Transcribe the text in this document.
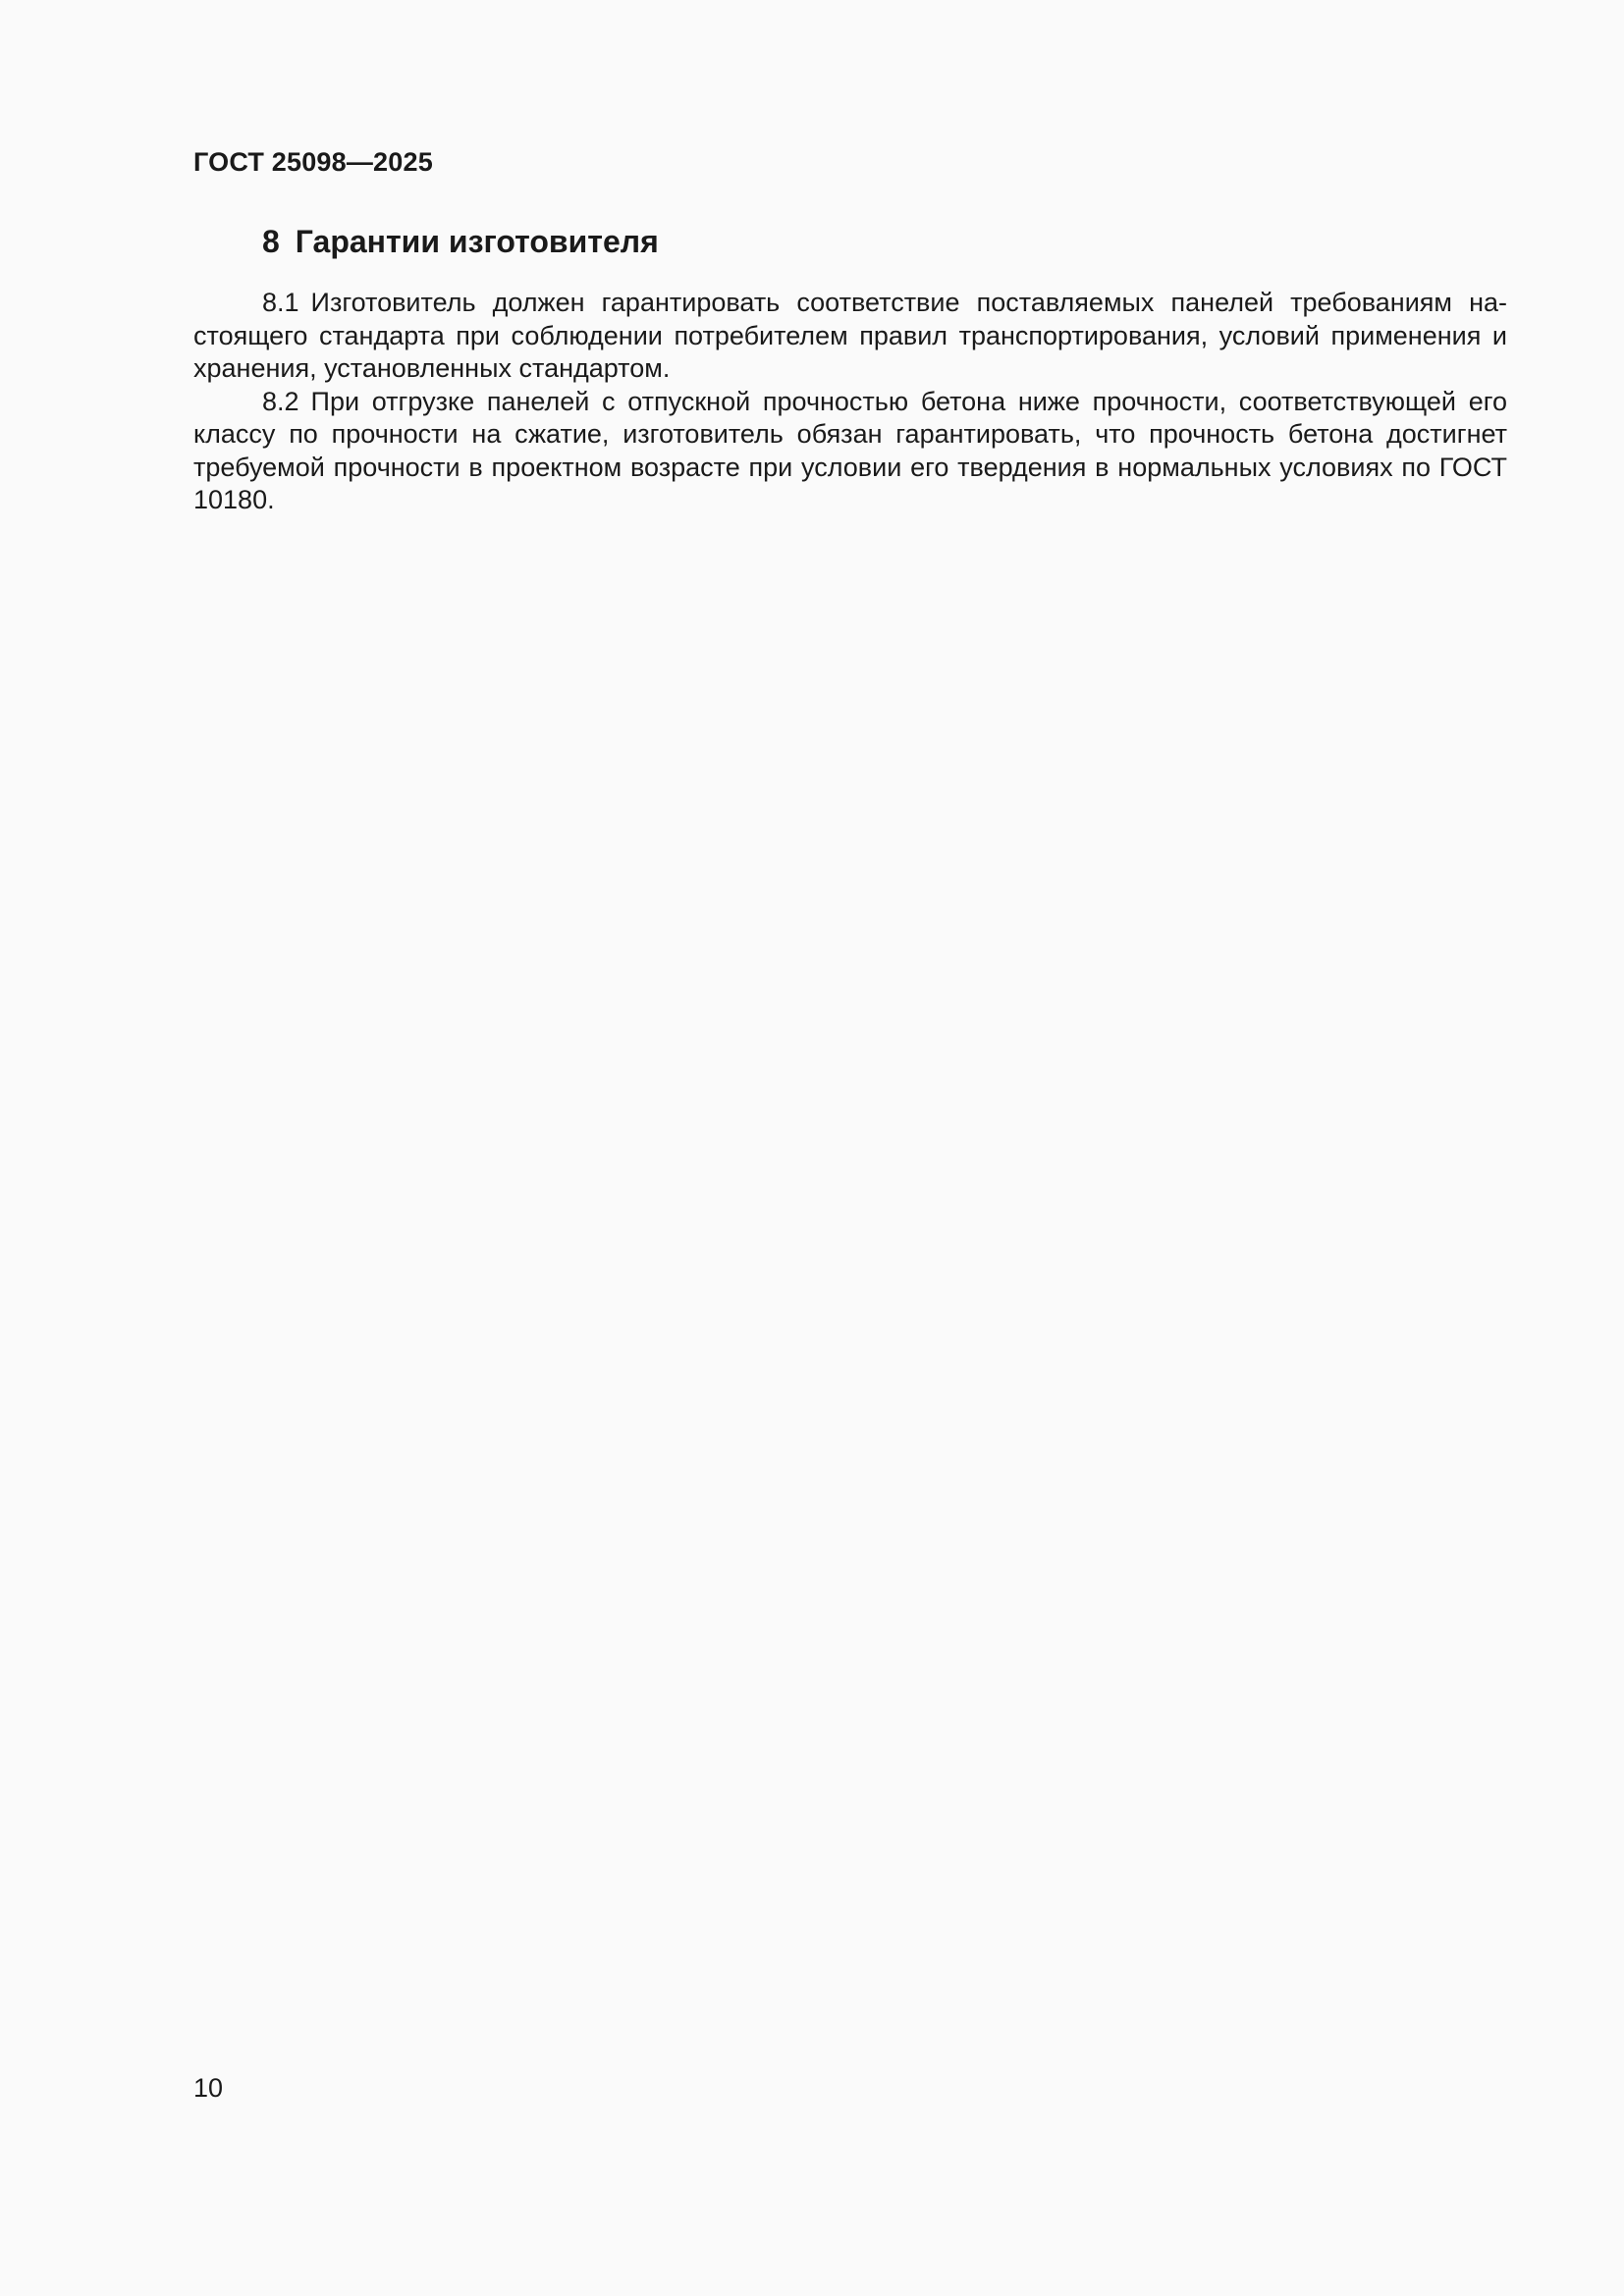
ГОСТ 25098—2025

8 Гарантии изготовителя

8.1 Изготовитель должен гарантировать соответствие поставляемых панелей требованиям настоящего стандарта при соблюдении потребителем правил транспортирования, условий применения и хранения, установленных стандартом.

8.2 При отгрузке панелей с отпускной прочностью бетона ниже прочности, соответствующей его классу по прочности на сжатие, изготовитель обязан гарантировать, что прочность бетона достигнет требуемой прочности в проектном возрасте при условии его твердения в нормальных условиях по ГОСТ 10180.

10
